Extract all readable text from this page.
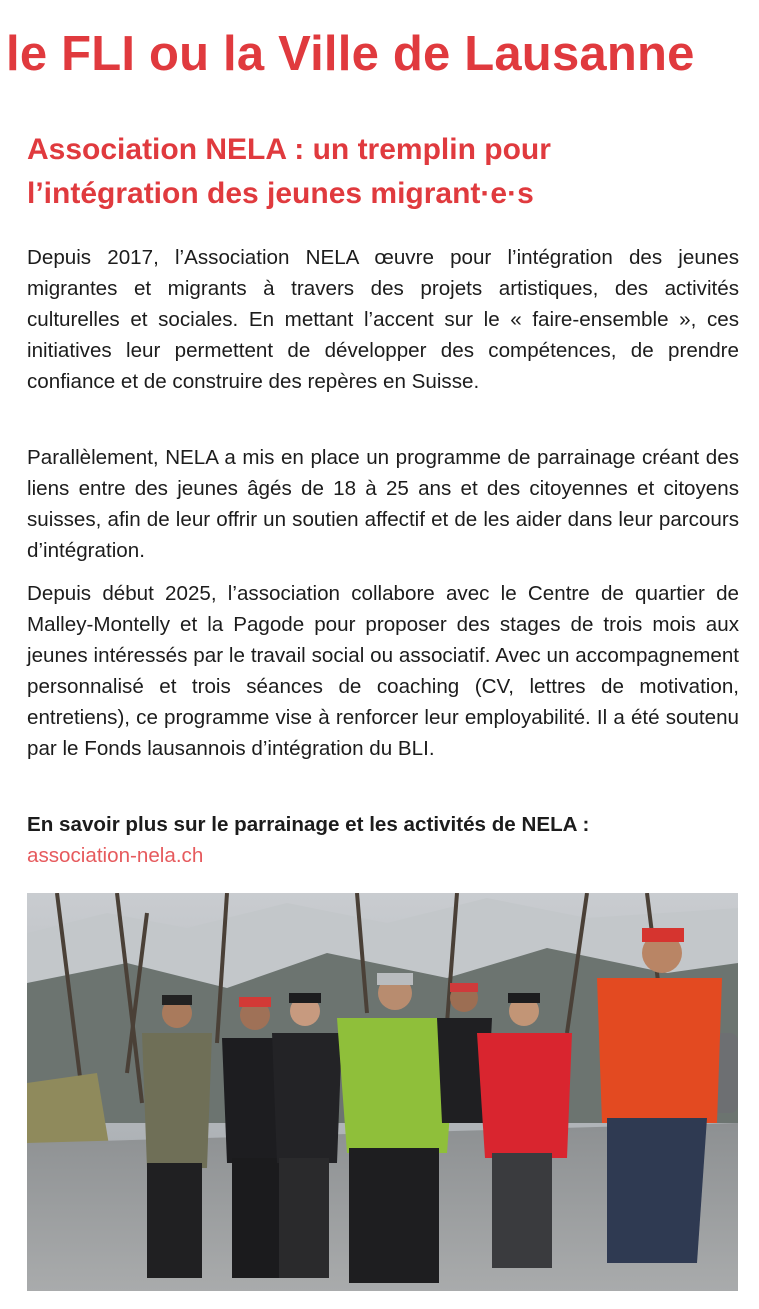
le FLI ou la Ville de Lausanne
Association NELA : un tremplin pour
l’intégration des jeunes migrant·e·s

Depuis 2017, l’Association NELA œuvre pour l’intégration des jeunes migrantes et migrants à travers des projets artistiques, des activités culturelles et sociales. En mettant l’accent sur le « faire-ensemble », ces initiatives leur permettent de développer des compétences, de prendre confiance et de construire des repères en Suisse.

Parallèlement, NELA a mis en place un programme de parrainage créant des liens entre des jeunes âgés de 18 à 25 ans et des citoyennes et citoyens suisses, afin de leur offrir un soutien affectif et de les aider dans leur parcours d’intégration.

Depuis début 2025, l’association collabore avec le Centre de quartier de Malley-Montelly et la Pagode pour proposer des stages de trois mois aux jeunes intéressés par le travail social ou associatif. Avec un accompagnement personnalisé et trois séances de coaching (CV, lettres de motivation, entretiens), ce programme vise à renforcer leur employabilité. Il a été soutenu par le Fonds lausannois d’intégration du BLI.

En savoir plus sur le parrainage et les activités de NELA :

association-nela.ch
